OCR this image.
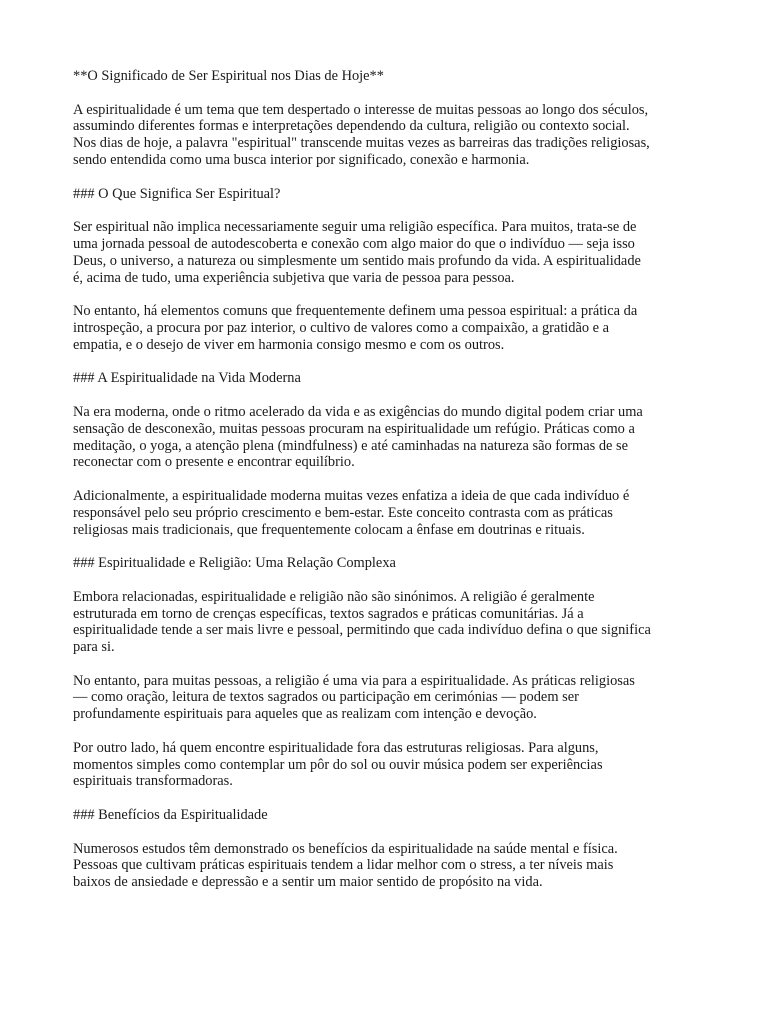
**O Significado de Ser Espiritual nos Dias de Hoje**

A espiritualidade é um tema que tem despertado o interesse de muitas pessoas ao longo dos séculos,
assumindo diferentes formas e interpretações dependendo da cultura, religião ou contexto social.
Nos dias de hoje, a palavra "espiritual" transcende muitas vezes as barreiras das tradições religiosas,
sendo entendida como uma busca interior por significado, conexão e harmonia.

### O Que Significa Ser Espiritual?

Ser espiritual não implica necessariamente seguir uma religião específica. Para muitos, trata-se de
uma jornada pessoal de autodescoberta e conexão com algo maior do que o indivíduo — seja isso
Deus, o universo, a natureza ou simplesmente um sentido mais profundo da vida. A espiritualidade
é, acima de tudo, uma experiência subjetiva que varia de pessoa para pessoa.

No entanto, há elementos comuns que frequentemente definem uma pessoa espiritual: a prática da
introspeção, a procura por paz interior, o cultivo de valores como a compaixão, a gratidão e a
empatia, e o desejo de viver em harmonia consigo mesmo e com os outros.

### A Espiritualidade na Vida Moderna

Na era moderna, onde o ritmo acelerado da vida e as exigências do mundo digital podem criar uma
sensação de desconexão, muitas pessoas procuram na espiritualidade um refúgio. Práticas como a
meditação, o yoga, a atenção plena (mindfulness) e até caminhadas na natureza são formas de se
reconectar com o presente e encontrar equilíbrio.

Adicionalmente, a espiritualidade moderna muitas vezes enfatiza a ideia de que cada indivíduo é
responsável pelo seu próprio crescimento e bem-estar. Este conceito contrasta com as práticas
religiosas mais tradicionais, que frequentemente colocam a ênfase em doutrinas e rituais.

### Espiritualidade e Religião: Uma Relação Complexa

Embora relacionadas, espiritualidade e religião não são sinónimos. A religião é geralmente
estruturada em torno de crenças específicas, textos sagrados e práticas comunitárias. Já a
espiritualidade tende a ser mais livre e pessoal, permitindo que cada indivíduo defina o que significa
para si.

No entanto, para muitas pessoas, a religião é uma via para a espiritualidade. As práticas religiosas
— como oração, leitura de textos sagrados ou participação em cerimónias — podem ser
profundamente espirituais para aqueles que as realizam com intenção e devoção.

Por outro lado, há quem encontre espiritualidade fora das estruturas religiosas. Para alguns,
momentos simples como contemplar um pôr do sol ou ouvir música podem ser experiências
espirituais transformadoras.

### Benefícios da Espiritualidade

Numerosos estudos têm demonstrado os benefícios da espiritualidade na saúde mental e física.
Pessoas que cultivam práticas espirituais tendem a lidar melhor com o stress, a ter níveis mais
baixos de ansiedade e depressão e a sentir um maior sentido de propósito na vida.
